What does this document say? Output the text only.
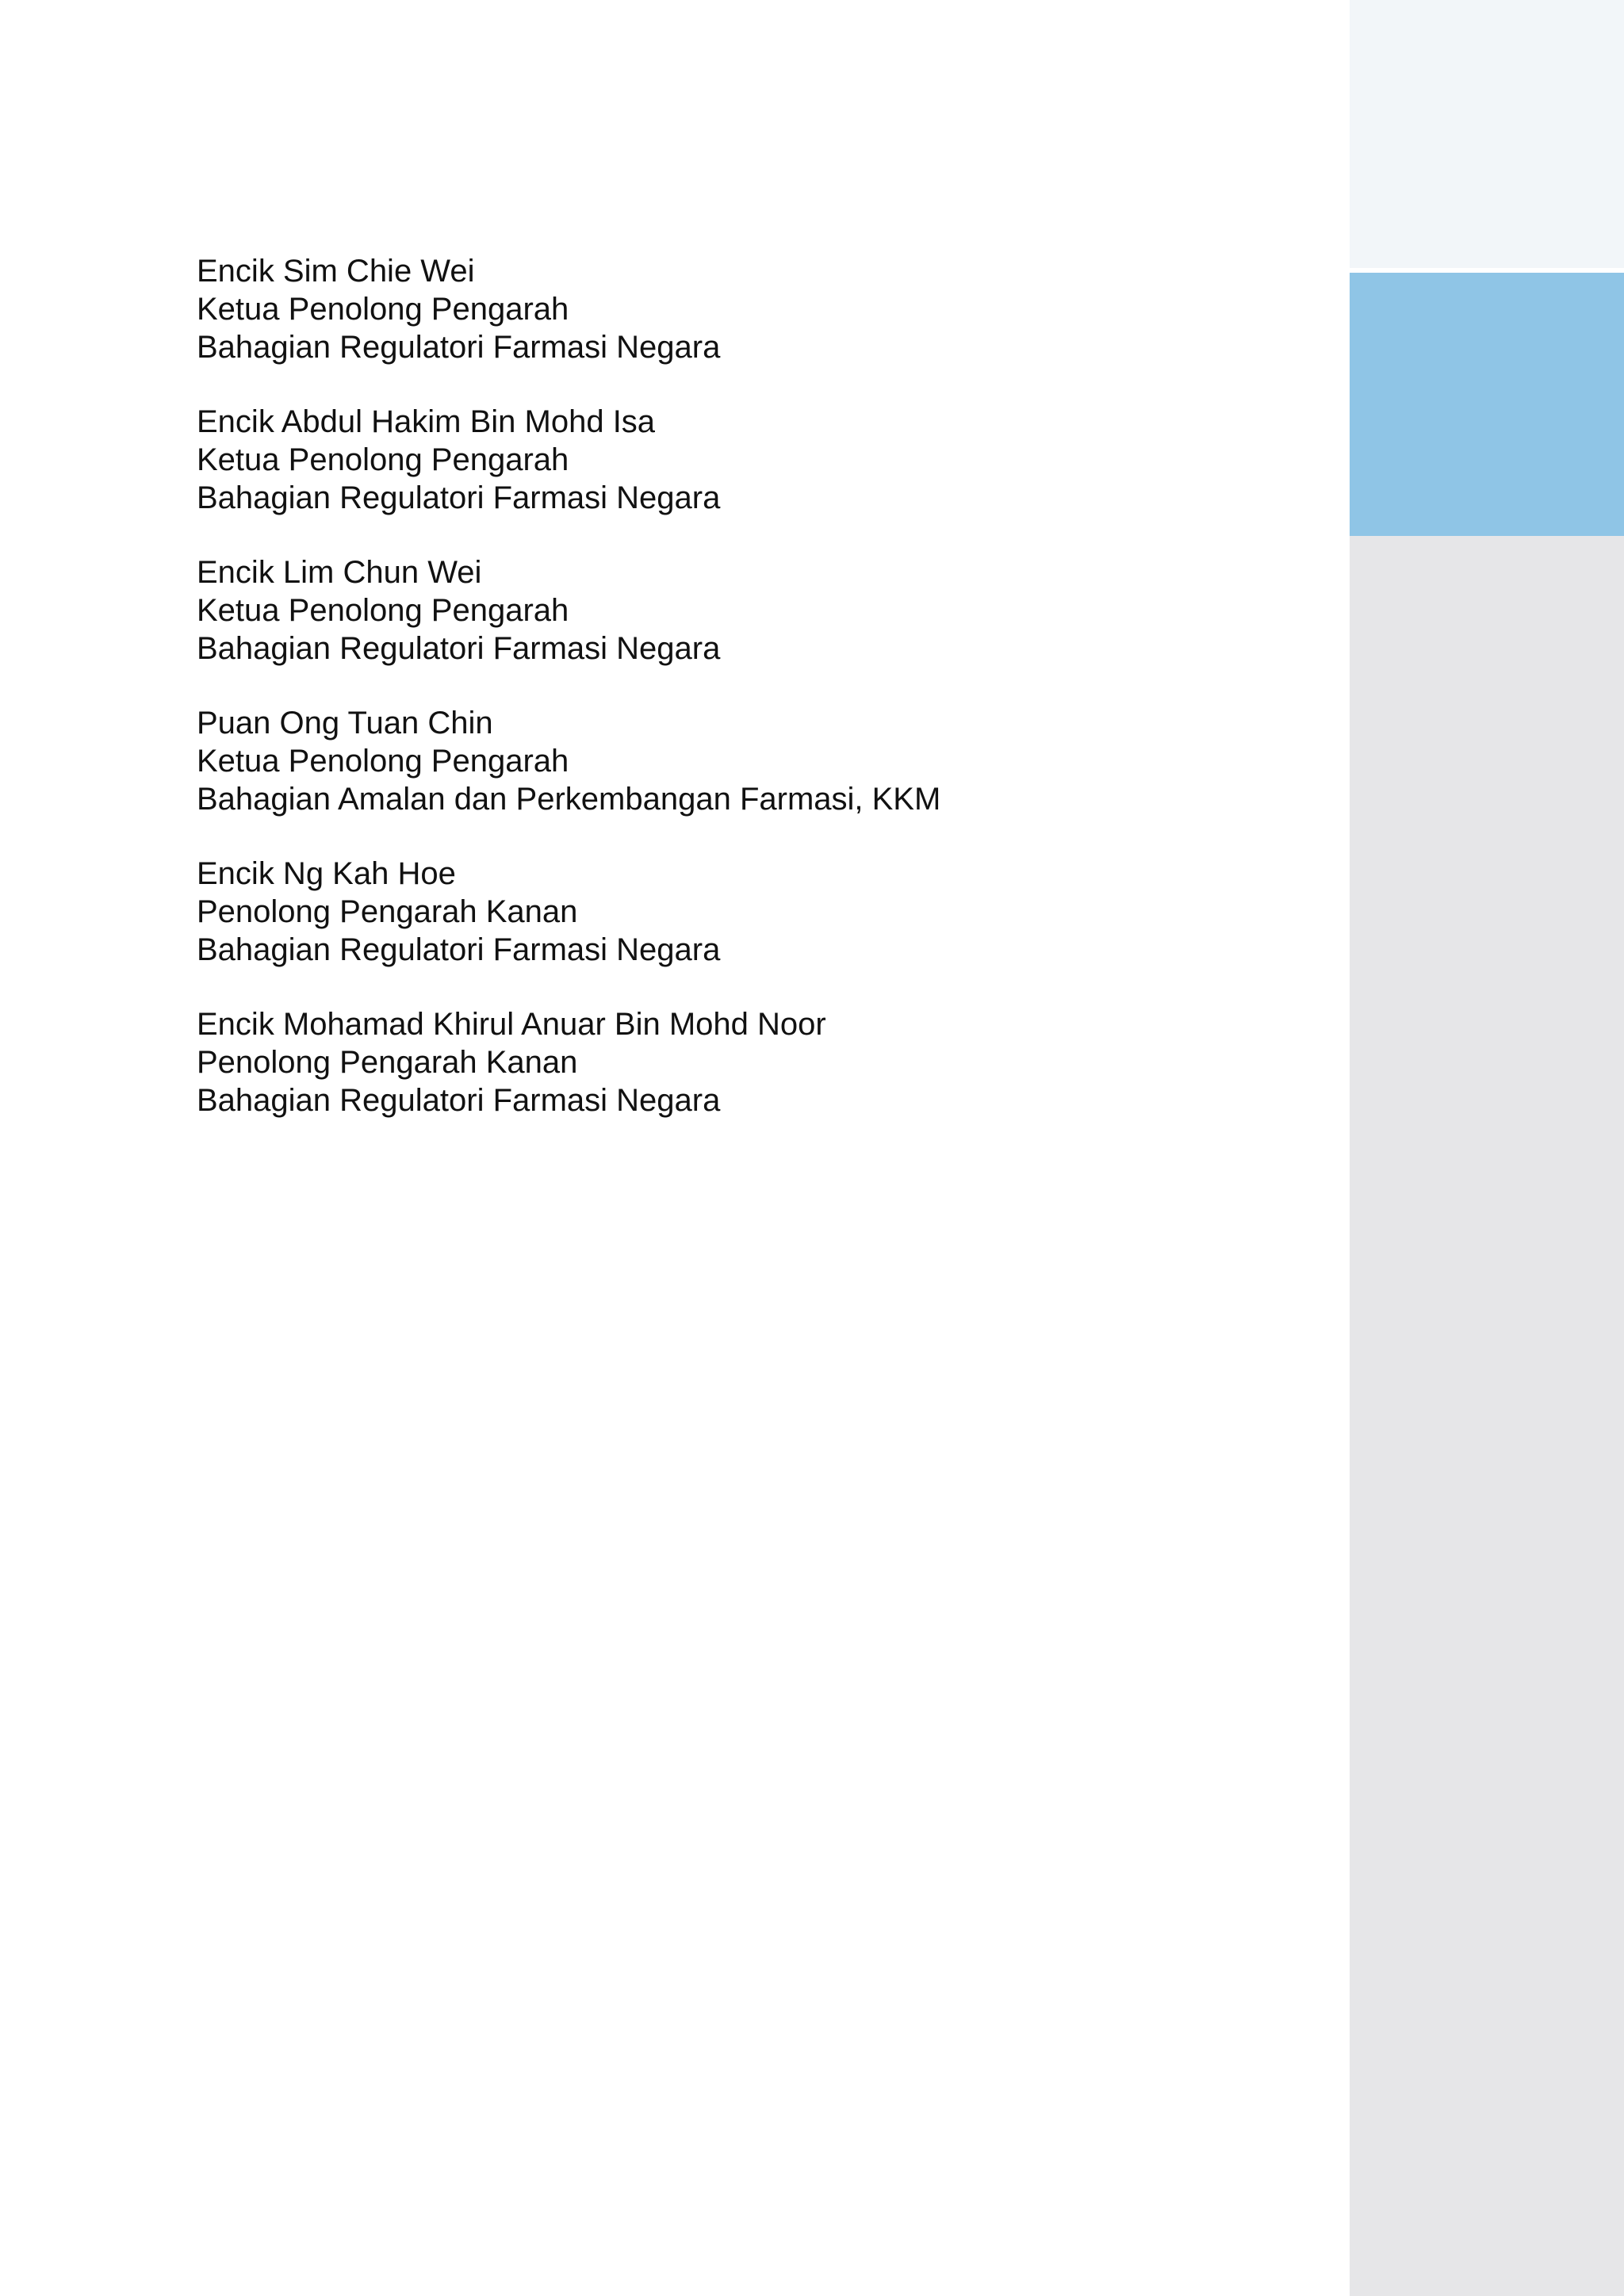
Encik Sim Chie Wei

Ketua Penolong Pengarah

Bahagian Regulatori Farmasi Negara

Encik Abdul Hakim Bin Mohd Isa

Ketua Penolong Pengarah

Bahagian Regulatori Farmasi Negara

Encik Lim Chun Wei

Ketua Penolong Pengarah

Bahagian Regulatori Farmasi Negara

Puan Ong Tuan Chin

Ketua Penolong Pengarah

Bahagian Amalan dan Perkembangan Farmasi, KKM

Encik Ng Kah Hoe

Penolong Pengarah Kanan

Bahagian Regulatori Farmasi Negara

Encik Mohamad Khirul Anuar Bin Mohd Noor

Penolong Pengarah Kanan

Bahagian Regulatori Farmasi Negara
